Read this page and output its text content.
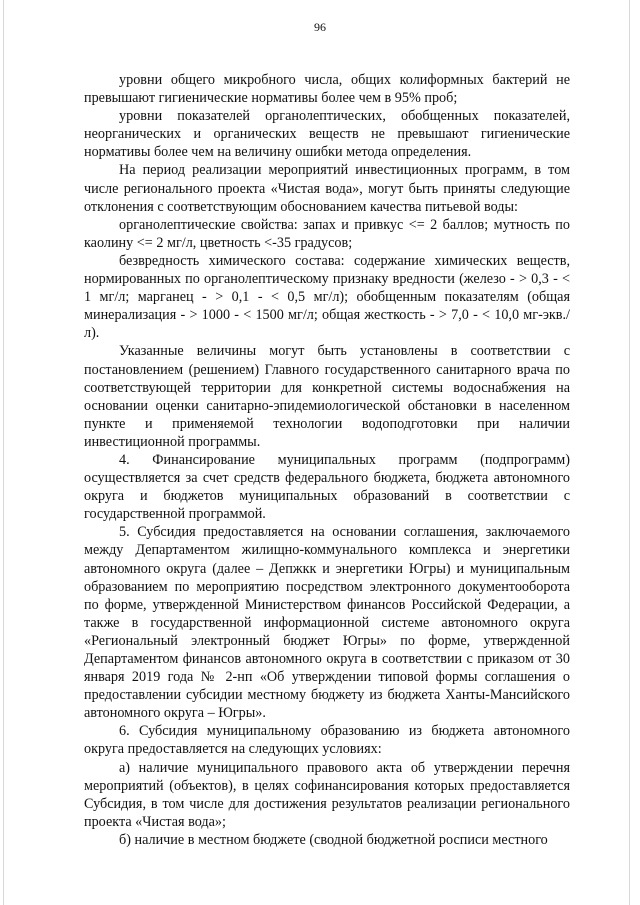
96

уровни общего микробного числа, общих колиформных бактерий не превышают гигиенические нормативы более чем в 95% проб;

уровни показателей органолептических, обобщенных показателей, неорганических и органических веществ не превышают гигиенические нормативы более чем на величину ошибки метода определения.

На период реализации мероприятий инвестиционных программ, в том числе регионального проекта «Чистая вода», могут быть приняты следующие отклонения с соответствующим обоснованием качества питьевой воды:

органолептические свойства: запах и привкус <= 2 баллов; мутность по каолину <= 2 мг/л, цветность <-35 градусов;

безвредность химического состава: содержание химических веществ, нормированных по органолептическому признаку вредности (железо - > 0,3 - < 1 мг/л; марганец - > 0,1 - < 0,5 мг/л); обобщенным показателям (общая минерализация - > 1000 - < 1500 мг/л; общая жесткость - > 7,0 - < 10,0 мг-экв./л).

Указанные величины могут быть установлены в соответствии с постановлением (решением) Главного государственного санитарного врача по соответствующей территории для конкретной системы водоснабжения на основании оценки санитарно-эпидемиологической обстановки в населенном пункте и применяемой технологии водоподготовки при наличии инвестиционной программы.

4. Финансирование муниципальных программ (подпрограмм) осуществляется за счет средств федерального бюджета, бюджета автономного округа и бюджетов муниципальных образований в соответствии с государственной программой.

5. Субсидия предоставляется на основании соглашения, заключаемого между Департаментом жилищно-коммунального комплекса и энергетики автономного округа (далее – Депжкк и энергетики Югры) и муниципальным образованием по мероприятию посредством электронного документооборота по форме, утвержденной Министерством финансов Российской Федерации, а также в государственной информационной системе автономного округа «Региональный электронный бюджет Югры» по форме, утвержденной Департаментом финансов автономного округа в соответствии с приказом от 30 января 2019 года № 2-нп «Об утверждении типовой формы соглашения о предоставлении субсидии местному бюджету из бюджета Ханты-Мансийского автономного округа – Югры».

6. Субсидия муниципальному образованию из бюджета автономного округа предоставляется на следующих условиях:

а) наличие муниципального правового акта об утверждении перечня мероприятий (объектов), в целях софинансирования которых предоставляется Субсидия, в том числе для достижения результатов реализации регионального проекта «Чистая вода»;

б) наличие в местном бюджете (сводной бюджетной росписи местного
